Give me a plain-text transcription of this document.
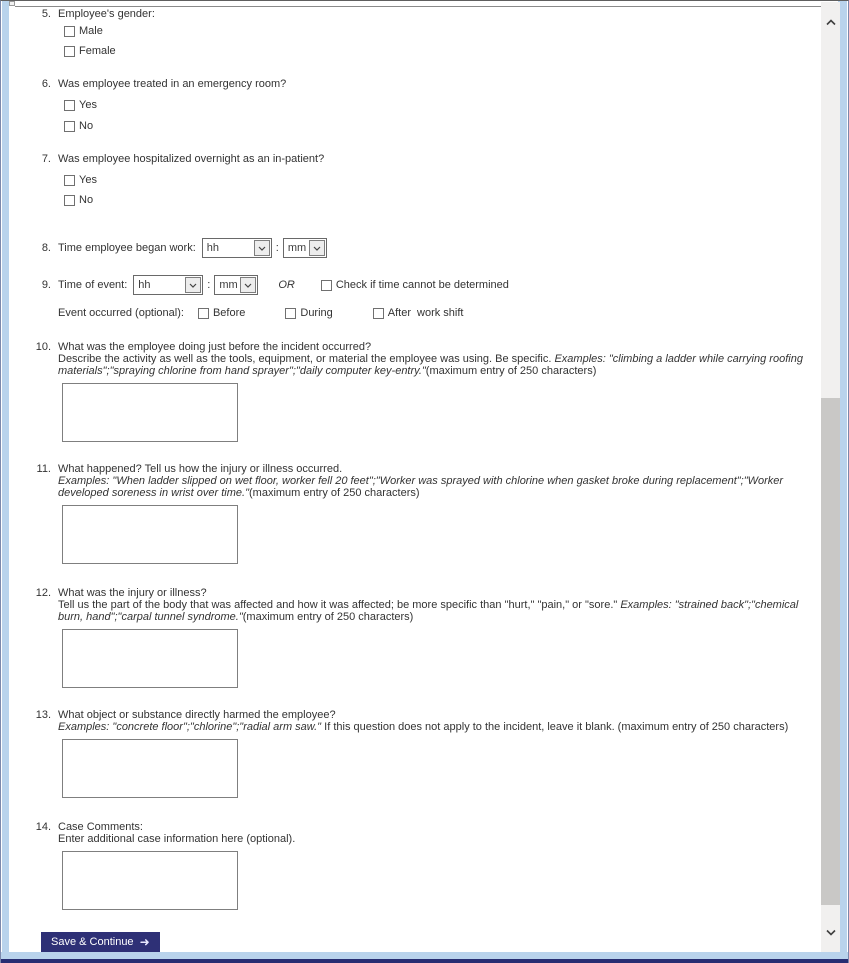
5. Employee's gender:
Male
Female
6. Was employee treated in an emergency room?
Yes
No
7. Was employee hospitalized overnight as an in-patient?
Yes
No
8. Time employee began work: hh	: mm
9. Time of event: hh	: mm	OR	Check if time cannot be determined
Event occurred (optional):	Before	During	After work shift
10. What was the employee doing just before the incident occurred?
Describe the activity as well as the tools, equipment, or material the employee was using. Be specific. Examples: "climbing a ladder while carrying roofing materials";"spraying chlorine from hand sprayer";"daily computer key-entry."(maximum entry of 250 characters)
11. What happened? Tell us how the injury or illness occurred.
Examples: "When ladder slipped on wet floor, worker fell 20 feet";"Worker was sprayed with chlorine when gasket broke during replacement";"Worker developed soreness in wrist over time."(maximum entry of 250 characters)
12. What was the injury or illness?
Tell us the part of the body that was affected and how it was affected; be more specific than "hurt," "pain," or "sore." Examples: "strained back";"chemical burn, hand";"carpal tunnel syndrome."(maximum entry of 250 characters)
13. What object or substance directly harmed the employee?
Examples: "concrete floor";"chlorine";"radial arm saw." If this question does not apply to the incident, leave it blank. (maximum entry of 250 characters)
14. Case Comments:
Enter additional case information here (optional).
Save & Continue ➜
